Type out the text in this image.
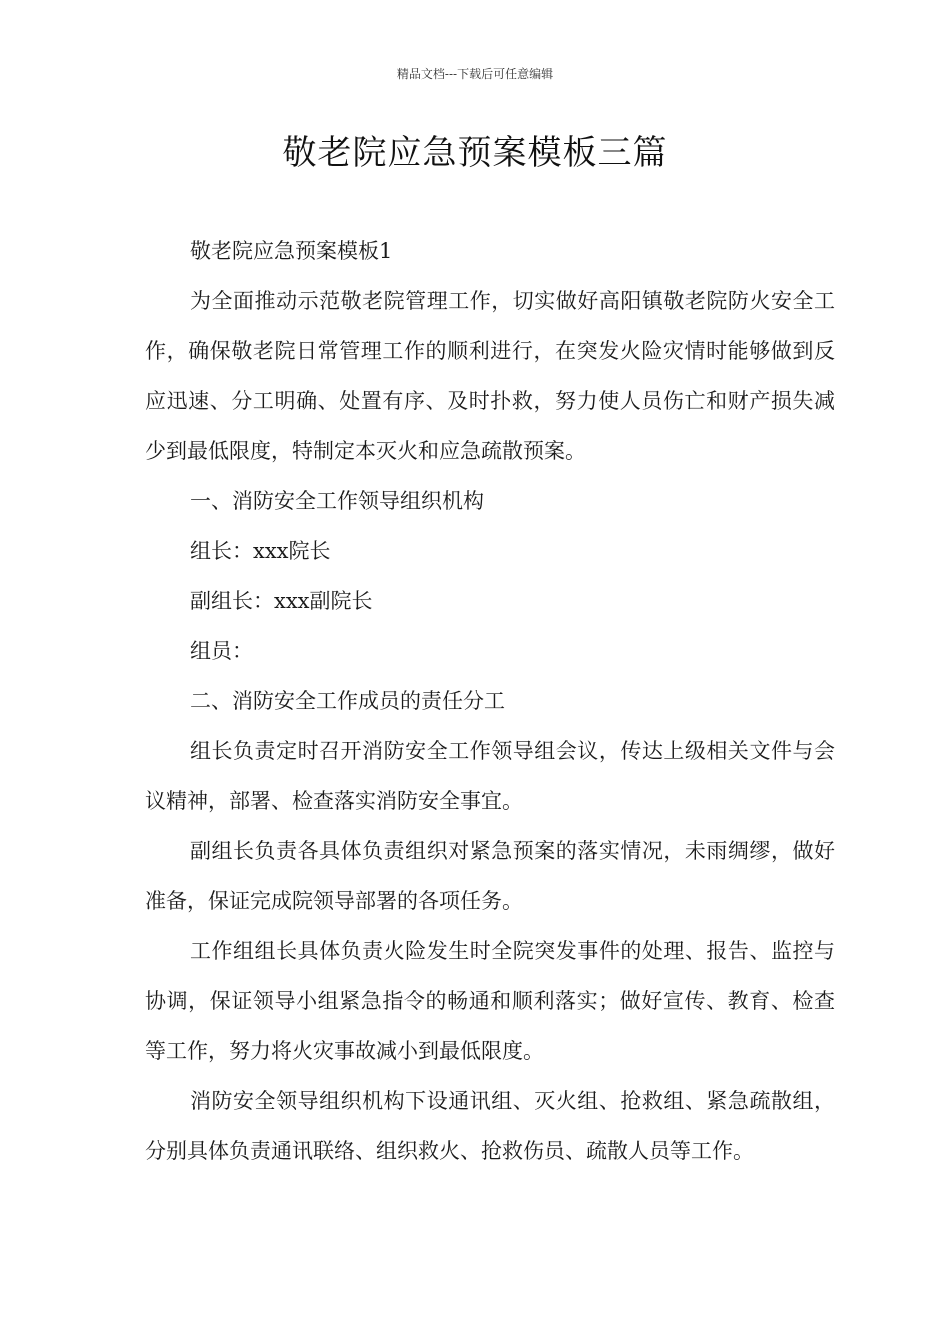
精品文档---下载后可任意编辑
敬老院应急预案模板三篇

敬老院应急预案模板1

为全面推动示范敬老院管理工作，切实做好高阳镇敬老院防火安全工作，确保敬老院日常管理工作的顺利进行，在突发火险灾情时能够做到反应迅速、分工明确、处置有序、及时扑救，努力使人员伤亡和财产损失减少到最低限度，特制定本灭火和应急疏散预案。

一、消防安全工作领导组织机构

组长：xxx院长

副组长：xxx副院长

组员：

二、消防安全工作成员的责任分工

组长负责定时召开消防安全工作领导组会议，传达上级相关文件与会议精神，部署、检查落实消防安全事宜。

副组长负责各具体负责组织对紧急预案的落实情况，未雨绸缪，做好准备，保证完成院领导部署的各项任务。

工作组组长具体负责火险发生时全院突发事件的处理、报告、监控与协调，保证领导小组紧急指令的畅通和顺利落实；做好宣传、教育、检查等工作，努力将火灾事故减小到最低限度。

消防安全领导组织机构下设通讯组、灭火组、抢救组、紧急疏散组，分别具体负责通讯联络、组织救火、抢救伤员、疏散人员等工作。
